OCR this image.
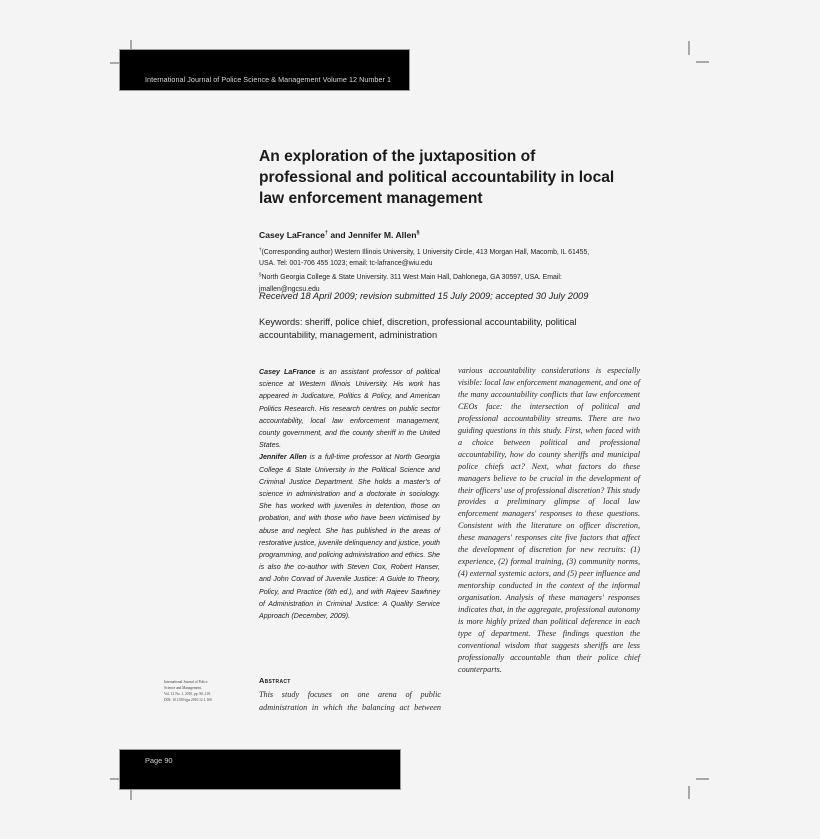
International Journal of Police Science & Management Volume 12 Number 1
An exploration of the juxtaposition of professional and political accountability in local law enforcement management
Casey LaFrance† and Jennifer M. Allen§
†(Corresponding author) Western Illinois University, 1 University Circle, 413 Morgan Hall, Macomb, IL 61455, USA. Tel: 001-706 455 1023; email: tc-lafrance@wiu.edu
§North Georgia College & State University. 311 West Main Hall, Dahlonega, GA 30597, USA. Email: jmallen@ngcsu.edu
Received 18 April 2009; revision submitted 15 July 2009; accepted 30 July 2009
Keywords: sheriff, police chief, discretion, professional accountability, political accountability, management, administration

Casey LaFrance is an assistant professor of political science at Western Illinois University. His work has appeared in Judicature, Politics & Policy, and American Politics Research. His research centres on public sector accountability, local law enforcement management, county government, and the county sheriff in the United States.

Jennifer Allen is a full-time professor at North Georgia College & State University in the Political Science and Criminal Justice Department. She holds a master's of science in administration and a doctorate in sociology. She has worked with juveniles in detention, those on probation, and with those who have been victimised by abuse and neglect. She has published in the areas of restorative justice, juvenile delinquency and justice, youth programming, and policing administration and ethics. She is also the co-author with Steven Cox, Robert Hanser, and John Conrad of Juvenile Justice: A Guide to Theory, Policy, and Practice (6th ed.), and with Rajeev Sawhney of Administration in Criminal Justice: A Quality Service Approach (December, 2009).

International Journal of Police
Science and Management,
Vol. 12 No. 1, 2010, pp. 90–118.
DOI: 10.1350/ijps.2010.12.1.160
Abstract
This study focuses on one arena of public administration in which the balancing act between

various accountability considerations is especially visible: local law enforcement management, and one of the many accountability conflicts that law enforcement CEOs face: the intersection of political and professional accountability streams. There are two guiding questions in this study. First, when faced with a choice between political and professional accountability, how do county sheriffs and municipal police chiefs act? Next, what factors do these managers believe to be crucial in the development of their officers' use of professional discretion? This study provides a preliminary glimpse of local law enforcement managers' responses to these questions. Consistent with the literature on officer discretion, these managers' responses cite five factors that affect the development of discretion for new recruits: (1) experience, (2) formal training, (3) community norms, (4) external systemic actors, and (5) peer influence and mentorship conducted in the context of the informal organisation. Analysis of these managers' responses indicates that, in the aggregate, professional autonomy is more highly prized than political deference in each type of department. These findings question the conventional wisdom that suggests sheriffs are less professionally accountable than their police chief counterparts.

Page 90
